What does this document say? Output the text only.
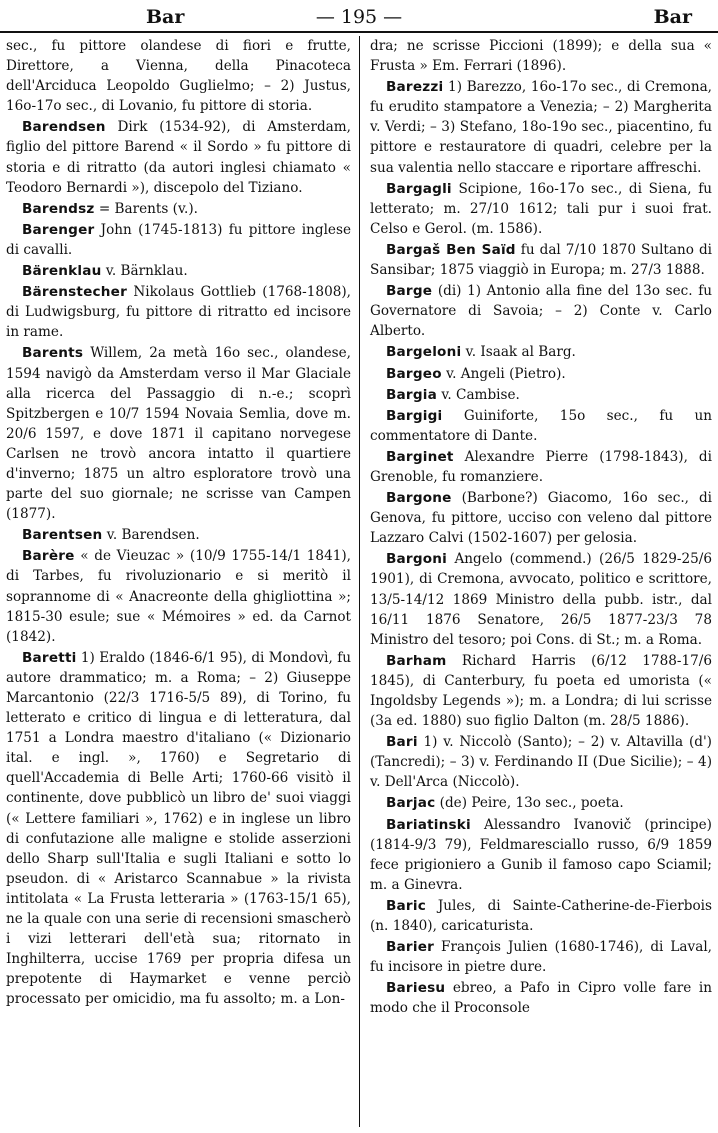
Bar	— 195 —	Bar

sec., fu pittore olandese di fiori e frutte, Direttore, a Vienna, della Pinacoteca dell'Arciduca Leopoldo Guglielmo; – 2) Justus, 16o-17o sec., di Lovanio, fu pittore di storia.

Barendsen Dirk (1534-92), di Amsterdam, figlio del pittore Barend « il Sordo » fu pittore di storia e di ritratto (da autori inglesi chiamato « Teodoro Bernardi »), discepolo del Tiziano.

Barendsz = Barents (v.).

Barenger John (1745-1813) fu pittore inglese di cavalli.

Bärenklau v. Bärnklau.

Bärenstecher Nikolaus Gottlieb (1768-1808), di Ludwigsburg, fu pittore di ritratto ed incisore in rame.

Barents Willem, 2a metà 16o sec., olandese, 1594 navigò da Amsterdam verso il Mar Glaciale alla ricerca del Passaggio di n.-e.; scoprì Spitzbergen e 10/7 1594 Novaia Semlia, dove m. 20/6 1597, e dove 1871 il capitano norvegese Carlsen ne trovò ancora intatto il quartiere d'inverno; 1875 un altro esploratore trovò una parte del suo giornale; ne scrisse van Campen (1877).

Barentsen v. Barendsen.

Barère « de Vieuzac » (10/9 1755-14/1 1841), di Tarbes, fu rivoluzionario e si meritò il soprannome di « Anacreonte della ghigliottina »; 1815-30 esule; sue « Mémoires » ed. da Carnot (1842).

Baretti 1) Eraldo (1846-6/1 95), di Mondovì, fu autore drammatico; m. a Roma; – 2) Giuseppe Marcantonio (22/3 1716-5/5 89), di Torino, fu letterato e critico di lingua e di letteratura, dal 1751 a Londra maestro d'italiano (« Dizionario ital. e ingl. », 1760) e Segretario di quell'Accademia di Belle Arti; 1760-66 visitò il continente, dove pubblicò un libro de' suoi viaggi (« Lettere familiari », 1762) e in inglese un libro di confutazione alle maligne e stolide asserzioni dello Sharp sull'Italia e sugli Italiani e sotto lo pseudon. di « Aristarco Scannabue » la rivista intitolata « La Frusta letteraria » (1763-15/1 65), ne la quale con una serie di recensioni smascherò i vizi letterari dell'età sua; ritornato in Inghilterra, uccise 1769 per propria difesa un prepotente di Haymarket e venne perciò processato per omicidio, ma fu assolto; m. a Lon-

dra; ne scrisse Piccioni (1899); e della sua « Frusta » Em. Ferrari (1896).

Barezzi 1) Barezzo, 16o-17o sec., di Cremona, fu erudito stampatore a Venezia; – 2) Margherita v. Verdi; – 3) Stefano, 18o-19o sec., piacentino, fu pittore e restauratore di quadri, celebre per la sua valentia nello staccare e riportare affreschi.

Bargagli Scipione, 16o-17o sec., di Siena, fu letterato; m. 27/10 1612; tali pur i suoi frat. Celso e Gerol. (m. 1586).

Bargaš Ben Saïd fu dal 7/10 1870 Sultano di Sansibar; 1875 viaggiò in Europa; m. 27/3 1888.

Barge (di) 1) Antonio alla fine del 13o sec. fu Governatore di Savoia; – 2) Conte v. Carlo Alberto.

Bargeloni v. Isaak al Barg.

Bargeo v. Angeli (Pietro).

Bargia v. Cambise.

Bargigi Guiniforte, 15o sec., fu un commentatore di Dante.

Barginet Alexandre Pierre (1798-1843), di Grenoble, fu romanziere.

Bargone (Barbone?) Giacomo, 16o sec., di Genova, fu pittore, ucciso con veleno dal pittore Lazzaro Calvi (1502-1607) per gelosia.

Bargoni Angelo (commend.) (26/5 1829-25/6 1901), di Cremona, avvocato, politico e scrittore, 13/5-14/12 1869 Ministro della pubb. istr., dal 16/11 1876 Senatore, 26/5 1877-23/3 78 Ministro del tesoro; poi Cons. di St.; m. a Roma.

Barham Richard Harris (6/12 1788-17/6 1845), di Canterbury, fu poeta ed umorista (« Ingoldsby Legends »); m. a Londra; di lui scrisse (3a ed. 1880) suo figlio Dalton (m. 28/5 1886).

Bari 1) v. Niccolò (Santo); – 2) v. Altavilla (d') (Tancredi); – 3) v. Ferdinando II (Due Sicilie); – 4) v. Dell'Arca (Niccolò).

Barjac (de) Peire, 13o sec., poeta.

Bariatinski Alessandro Ivanovič (principe) (1814-9/3 79), Feldmaresciallo russo, 6/9 1859 fece prigioniero a Gunib il famoso capo Sciamil; m. a Ginevra.

Baric Jules, di Sainte-Catherine-de-Fierbois (n. 1840), caricaturista.

Barier François Julien (1680-1746), di Laval, fu incisore in pietre dure.

Bariesu ebreo, a Pafo in Cipro volle fare in modo che il Proconsole
